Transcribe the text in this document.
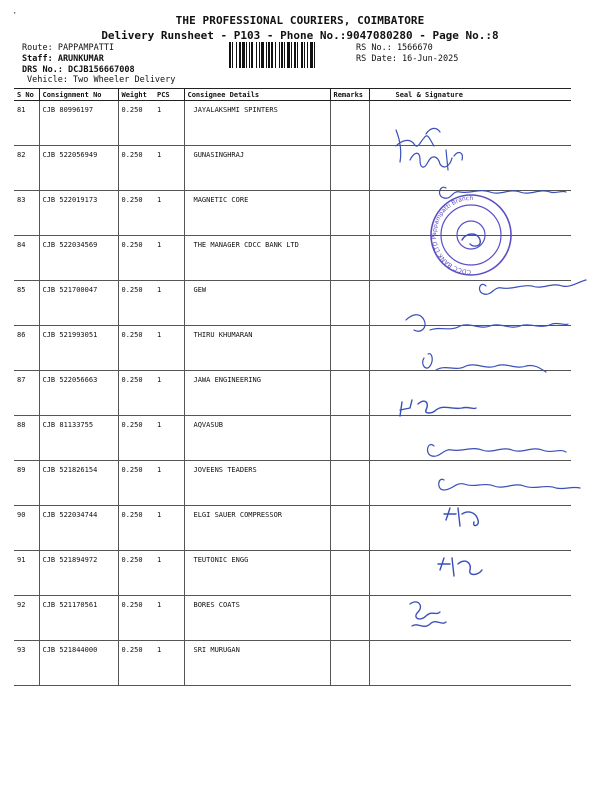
·	THE PROFESSIONAL COURIERS, COIMBATORE
Delivery Runsheet - P103 - Phone No.:9047080280 - Page No.:8
Route: PAPPAMPATTI
Staff: ARUNKUMAR
DRS No.: DCJB156667008
Vehicle: Two Wheeler Delivery
RS No.: 1566670
RS Date: 16-Jun-2025
S No	Consignment No	Weight	PCS	Consignee Details	Remarks	Seal & Signature
81	CJB 80996197	0.250	1	JAYALAKSHMI SPINTERS		
82	CJB 522056949	0.250	1	GUNASINGHRAJ		
83	CJB 522019173	0.250	1	MAGNETIC CORE		
84	CJB 522034569	0.250	1	THE MANAGER CDCC BANK LTD		
85	CJB 521700047	0.250	1	GEW		
86	CJB 521993051	0.250	1	THIRU KHUMARAN		
87	CJB 522056663	0.250	1	JAWA ENGINEERING		
88	CJB 81133755	0.250	1	AQVASUB		
89	CJB 521826154	0.250	1	JOVEENS TEADERS		
90	CJB 522034744	0.250	1	ELGI SAUER COMPRESSOR		
91	CJB 521894972	0.250	1	TEUTONIC ENGG		
92	CJB 521170561	0.250	1	BORES COATS		
93	CJB 521844000	0.250	1	SRI MURUGAN		
CDCC BANK LTD Pappampatti Branch
